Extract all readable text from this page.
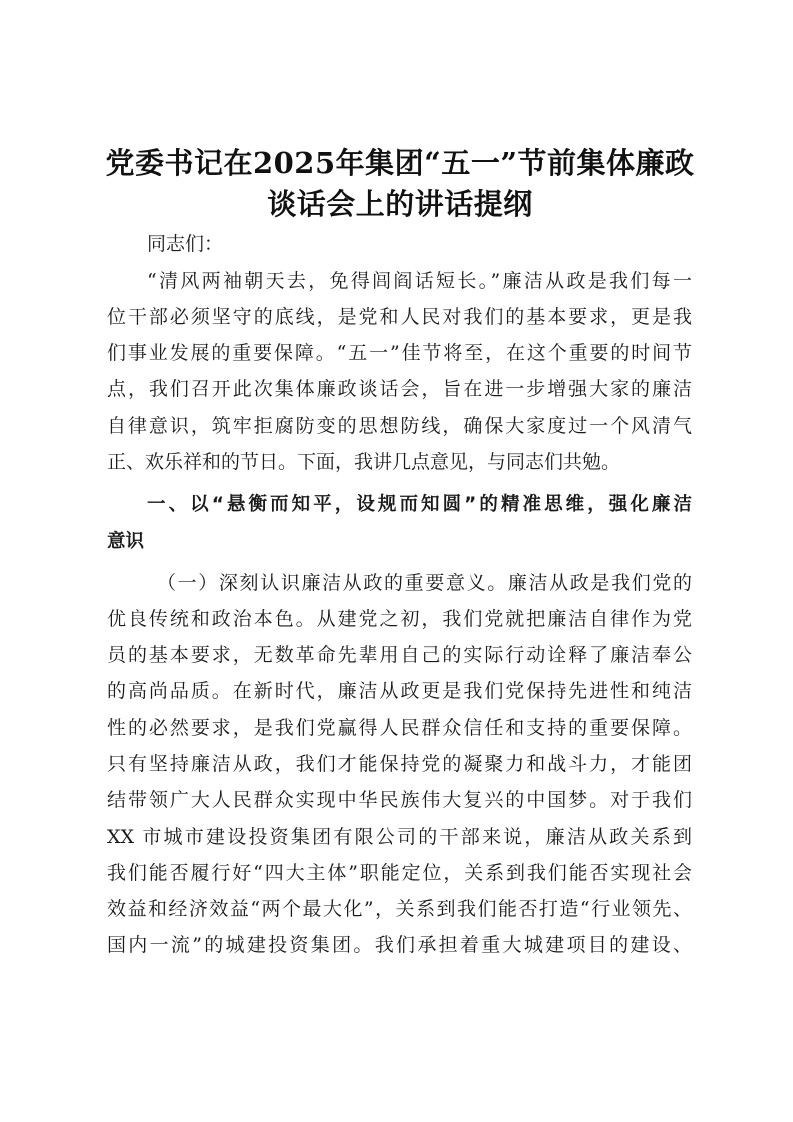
党委书记在2025年集团“五一”节前集体廉政
谈话会上的讲话提纲
同志们：
“清风两袖朝天去，免得闾阎话短长。”廉洁从政是我们每一
位干部必须坚守的底线，是党和人民对我们的基本要求，更是我
们事业发展的重要保障。“五一”佳节将至，在这个重要的时间节
点，我们召开此次集体廉政谈话会，旨在进一步增强大家的廉洁
自律意识，筑牢拒腐防变的思想防线，确保大家度过一个风清气
正、欢乐祥和的节日。下面，我讲几点意见，与同志们共勉。
一、以“悬衡而知平，设规而知圆”的精准思维，强化廉洁
意识
（一）深刻认识廉洁从政的重要意义。廉洁从政是我们党的
优良传统和政治本色。从建党之初，我们党就把廉洁自律作为党
员的基本要求，无数革命先辈用自己的实际行动诠释了廉洁奉公
的高尚品质。在新时代，廉洁从政更是我们党保持先进性和纯洁
性的必然要求，是我们党赢得人民群众信任和支持的重要保障。
只有坚持廉洁从政，我们才能保持党的凝聚力和战斗力，才能团
结带领广大人民群众实现中华民族伟大复兴的中国梦。对于我们
XX 市城市建设投资集团有限公司的干部来说，廉洁从政关系到
我们能否履行好“四大主体”职能定位，关系到我们能否实现社会
效益和经济效益“两个最大化”，关系到我们能否打造“行业领先、
国内一流”的城建投资集团。我们承担着重大城建项目的建设、
